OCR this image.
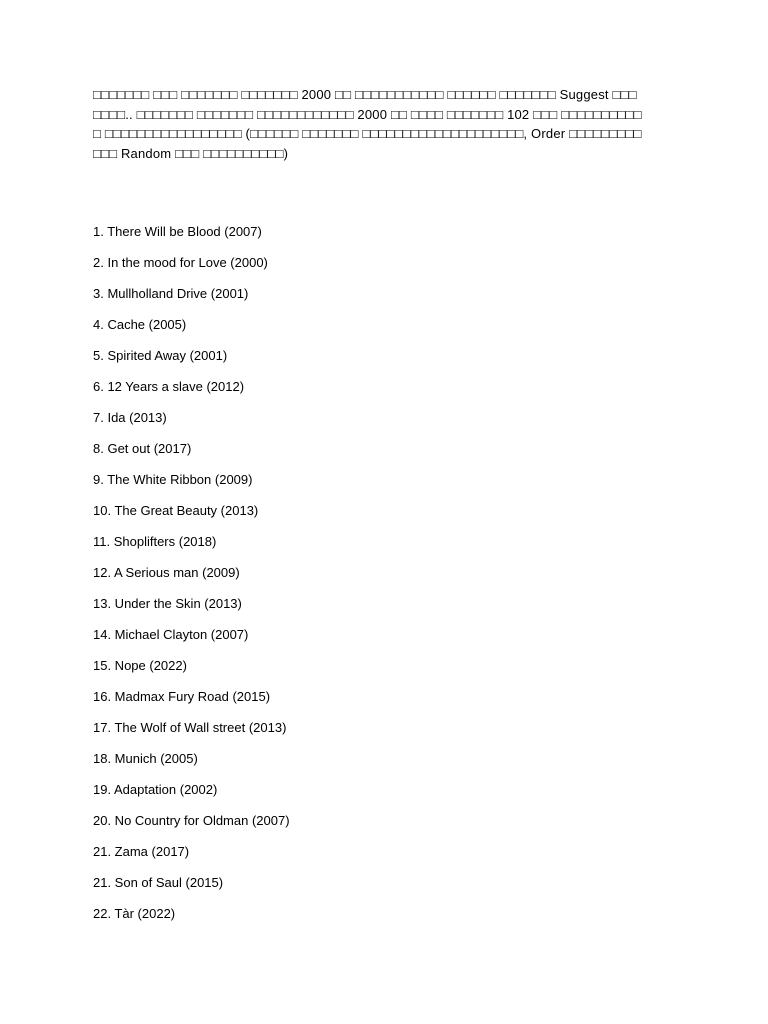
□□□□□□□ □□□ □□□□□□□ □□□□□□□ 2000 □□ □□□□□□□□□□□ □□□□□□ □□□□□□□ Suggest □□□□□□□.. □□□□□□□ □□□□□□□ □□□□□□□□□□□□ 2000 □□ □□□□ □□□□□□□ 102 □□□ □□□□□□□□□□ □ □□□□□□□□□□□□□□□□□ (□□□□□□ □□□□□□□ □□□□□□□□□□□□□□□□□□□□, Order □□□□□□□□□□□□ Random □□□ □□□□□□□□□□)

1. There Will be Blood (2007)
2. In the mood for Love (2000)
3. Mullholland Drive (2001)
4. Cache (2005)
5. Spirited Away (2001)
6. 12 Years a slave (2012)
7. Ida (2013)
8. Get out (2017)
9. The White Ribbon (2009)
10. The Great Beauty (2013)
11. Shoplifters (2018)
12. A Serious man (2009)
13. Under the Skin (2013)
14. Michael Clayton (2007)
15. Nope (2022)
16. Madmax Fury Road (2015)
17. The Wolf of Wall street (2013)
18. Munich (2005)
19. Adaptation (2002)
20. No Country for Oldman (2007)
21. Zama (2017)
21. Son of Saul (2015)
22. Tàr (2022)
